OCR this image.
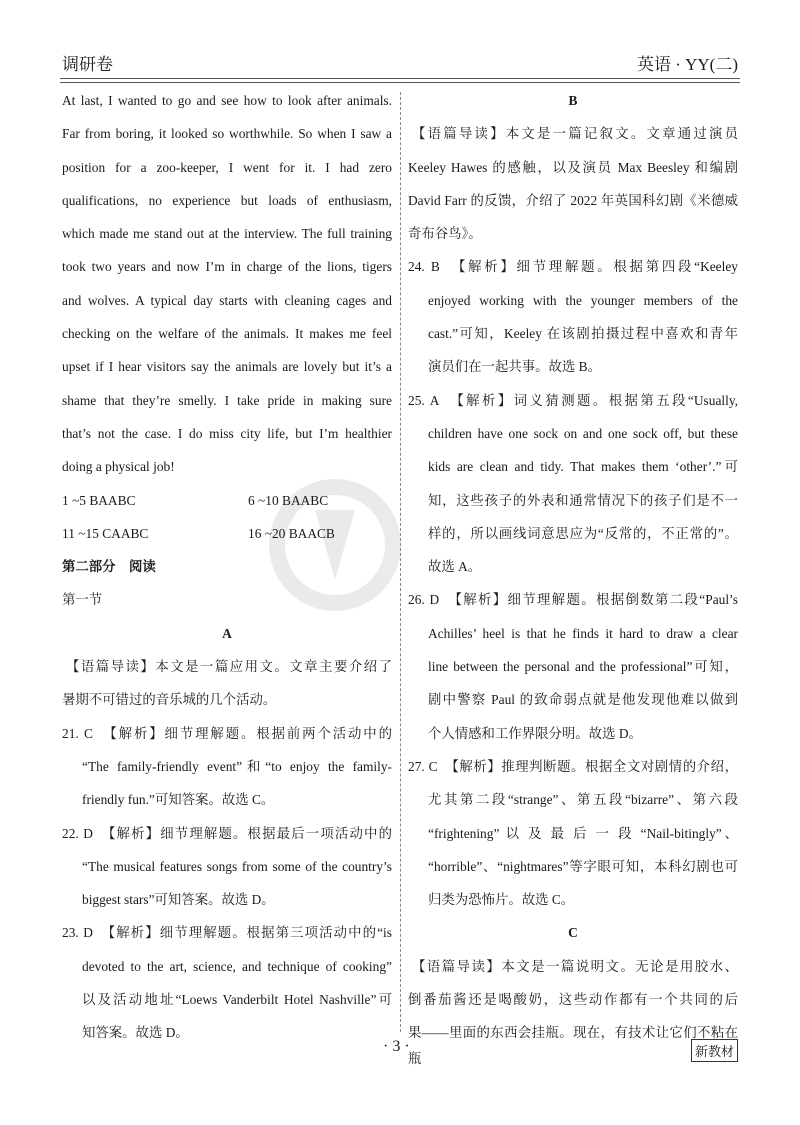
调研卷	英语 · YY(二)
At last, I wanted to go and see how to look after animals.
Far from boring, it looked so worthwhile. So when I saw a
position for a zoo-keeper, I went for it. I had zero
qualifications, no experience but loads of enthusiasm,
which made me stand out at the interview. The full training
took two years and now I’m in charge of the lions, tigers
and wolves. A typical day starts with cleaning cages and
checking on the welfare of the animals. It makes me feel
upset if I hear visitors say the animals are lovely but it’s a
shame that they’re smelly. I take pride in making sure
that’s not the case. I do miss city life, but I’m healthier
doing a physical job!
1 ~5 BAABC	6 ~10 BAABC
11 ~15 CAABC	16 ~20 BAACB
第二部分　阅读
第一节
A
【语篇导读】本文是一篇应用文。文章主要介绍了
暑期不可错过的音乐城的几个活动。
21. C　【解析】细节理解题。根据前两个活动中的
“The family-friendly event”和“to enjoy the family-
friendly fun.”可知答案。故选 C。
22. D　【解析】细节理解题。根据最后一项活动中的
“The musical features songs from some of the country’s
biggest stars”可知答案。故选 D。
23. D　【解析】细节理解题。根据第三项活动中的“is
devoted to the art, science, and technique of cooking”
以及活动地址“Loews Vanderbilt Hotel Nashville”可
知答案。故选 D。
B
【语篇导读】本文是一篇记叙文。文章通过演员
Keeley Hawes 的感触，以及演员 Max Beesley 和编剧
David Farr 的反馈，介绍了 2022 年英国科幻剧《米德威
奇布谷鸟》。
24. B　【解析】细节理解题。根据第四段“Keeley
enjoyed working with the younger members of the
cast.”可知，Keeley 在该剧拍摄过程中喜欢和青年
演员们在一起共事。故选 B。
25. A　【解析】词义猜测题。根据第五段“Usually,
children have one sock on and one sock off, but these
kids are clean and tidy. That makes them ‘other’.”可
知，这些孩子的外表和通常情况下的孩子们是不一
样的，所以画线词意思应为“反常的，不正常的”。
故选 A。
26. D　【解析】细节理解题。根据倒数第二段“Paul’s
Achilles’ heel is that he finds it hard to draw a clear
line between the personal and the professional”可知，
剧中警察 Paul 的致命弱点就是他发现他难以做到
个人情感和工作界限分明。故选 D。
27. C　【解析】推理判断题。根据全文对剧情的介绍，
尤其第二段“strange”、第五段“bizarre”、第六段
“frightening” 以 及 最 后 一 段 “Nail-bitingly”、
“horrible”、“nightmares”等字眼可知，本科幻剧也可
归类为恐怖片。故选 C。
C
【语篇导读】本文是一篇说明文。无论是用胶水、
倒番茄酱还是喝酸奶，这些动作都有一个共同的后
果——里面的东西会挂瓶。现在，有技术让它们不粘在瓶
· 3 ·	新教材
